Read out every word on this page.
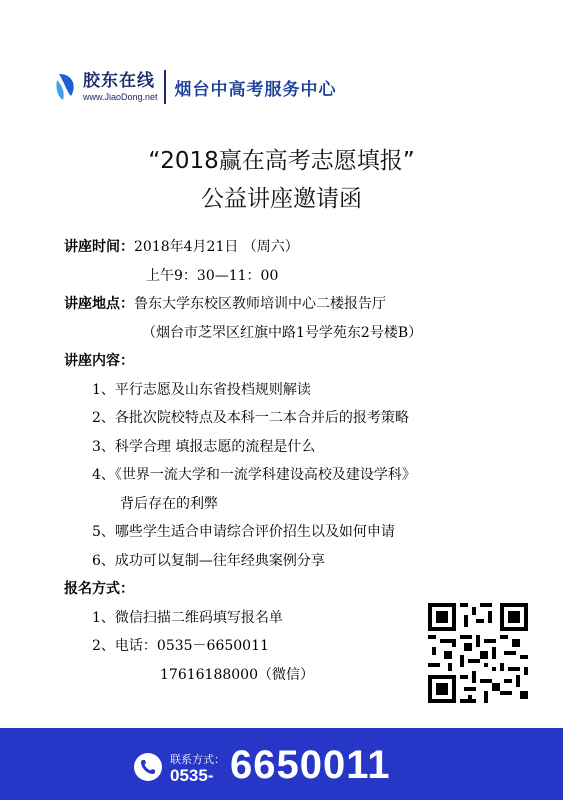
胶东在线
www.JiaoDong.net 烟台中高考服务中心
“2018赢在高考志愿填报”
公益讲座邀请函
讲座时间：2018年4月21日 （周六）
上午9：30—11：00
讲座地点：鲁东大学东校区教师培训中心二楼报告厅
（烟台市芝罘区红旗中路1号学苑东2号楼B）
讲座内容：
1、平行志愿及山东省投档规则解读
2、各批次院校特点及本科一二本合并后的报考策略
3、科学合理 填报志愿的流程是什么
4、《世界一流大学和一流学科建设高校及建设学科》
背后存在的利弊
5、哪些学生适合申请综合评价招生以及如何申请
6、成功可以复制—往年经典案例分享
报名方式：
1、微信扫描二维码填写报名单
2、电话：0535－6650011
17616188000（微信）
联系方式：
0535- 6650011
